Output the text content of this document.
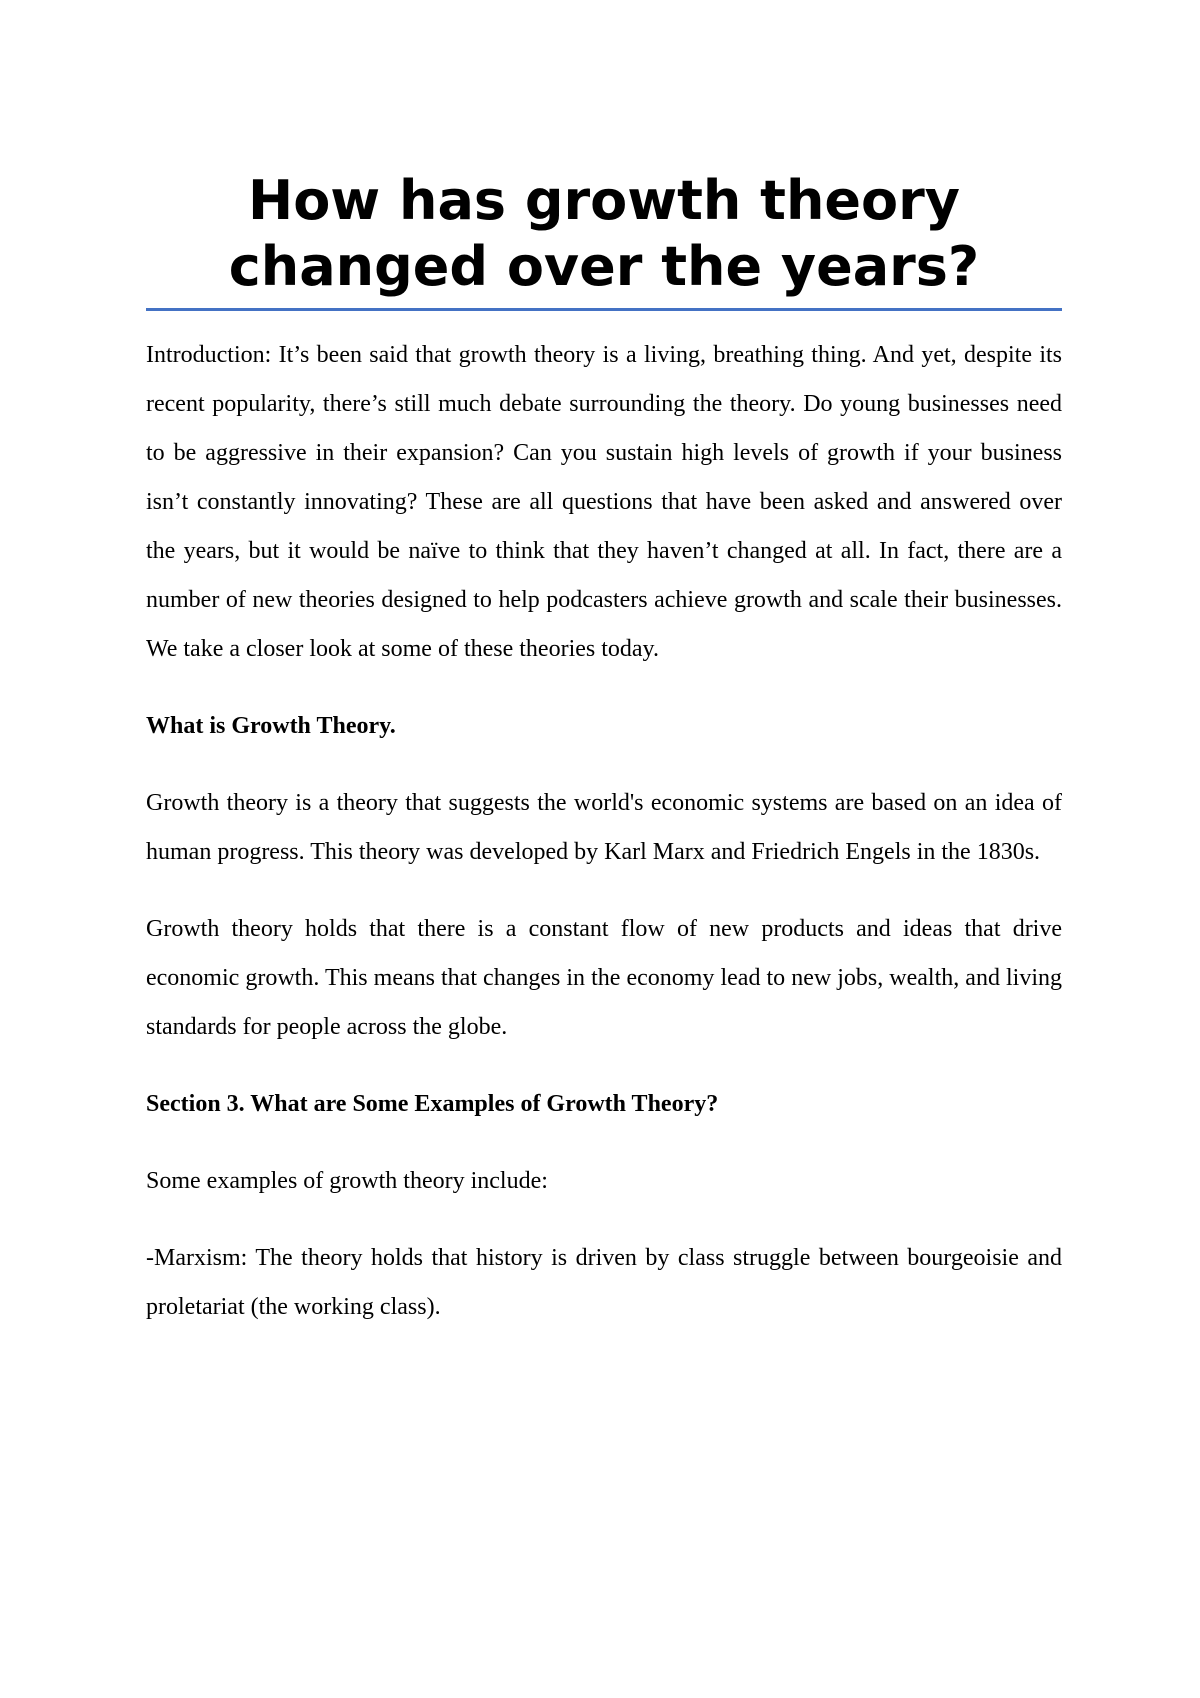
How has growth theory changed over the years?

Introduction: It’s been said that growth theory is a living, breathing thing. And yet, despite its recent popularity, there’s still much debate surrounding the theory. Do young businesses need to be aggressive in their expansion? Can you sustain high levels of growth if your business isn’t constantly innovating? These are all questions that have been asked and answered over the years, but it would be naïve to think that they haven’t changed at all. In fact, there are a number of new theories designed to help podcasters achieve growth and scale their businesses. We take a closer look at some of these theories today.

What is Growth Theory.

Growth theory is a theory that suggests the world's economic systems are based on an idea of human progress. This theory was developed by Karl Marx and Friedrich Engels in the 1830s.

Growth theory holds that there is a constant flow of new products and ideas that drive economic growth. This means that changes in the economy lead to new jobs, wealth, and living standards for people across the globe.

Section 3. What are Some Examples of Growth Theory?

Some examples of growth theory include:

-Marxism: The theory holds that history is driven by class struggle between bourgeoisie and proletariat (the working class).
